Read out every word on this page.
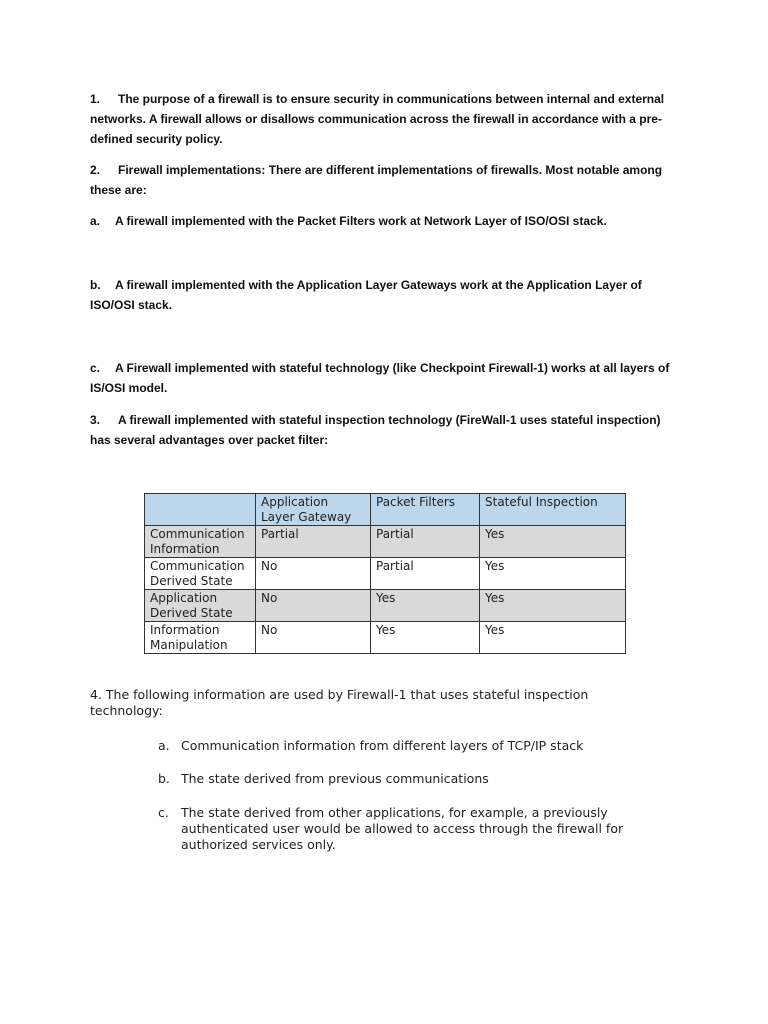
1. The purpose of a firewall is to ensure security in communications between internal and external networks. A firewall allows or disallows communication across the firewall in accordance with a pre-defined security policy.
2. Firewall implementations: There are different implementations of firewalls. Most notable among these are:
a. A firewall implemented with the Packet Filters work at Network Layer of ISO/OSI stack.
b. A firewall implemented with the Application Layer Gateways work at the Application Layer of ISO/OSI stack.
c. A Firewall implemented with stateful technology (like Checkpoint Firewall-1) works at all layers of IS/OSI model.
3. A firewall implemented with stateful inspection technology (FireWall-1 uses stateful inspection) has several advantages over packet filter:
	Application Layer Gateway	Packet Filters	Stateful Inspection
Communication Information	Partial	Partial	Yes
Communication Derived State	No	Partial	Yes
Application Derived State	No	Yes	Yes
Information Manipulation	No	Yes	Yes
4. The following information are used by Firewall-1 that uses stateful inspection technology:
a. Communication information from different layers of TCP/IP stack
b. The state derived from previous communications
c. The state derived from other applications, for example, a previously
authenticated user would be allowed to access through the firewall for authorized services only.
